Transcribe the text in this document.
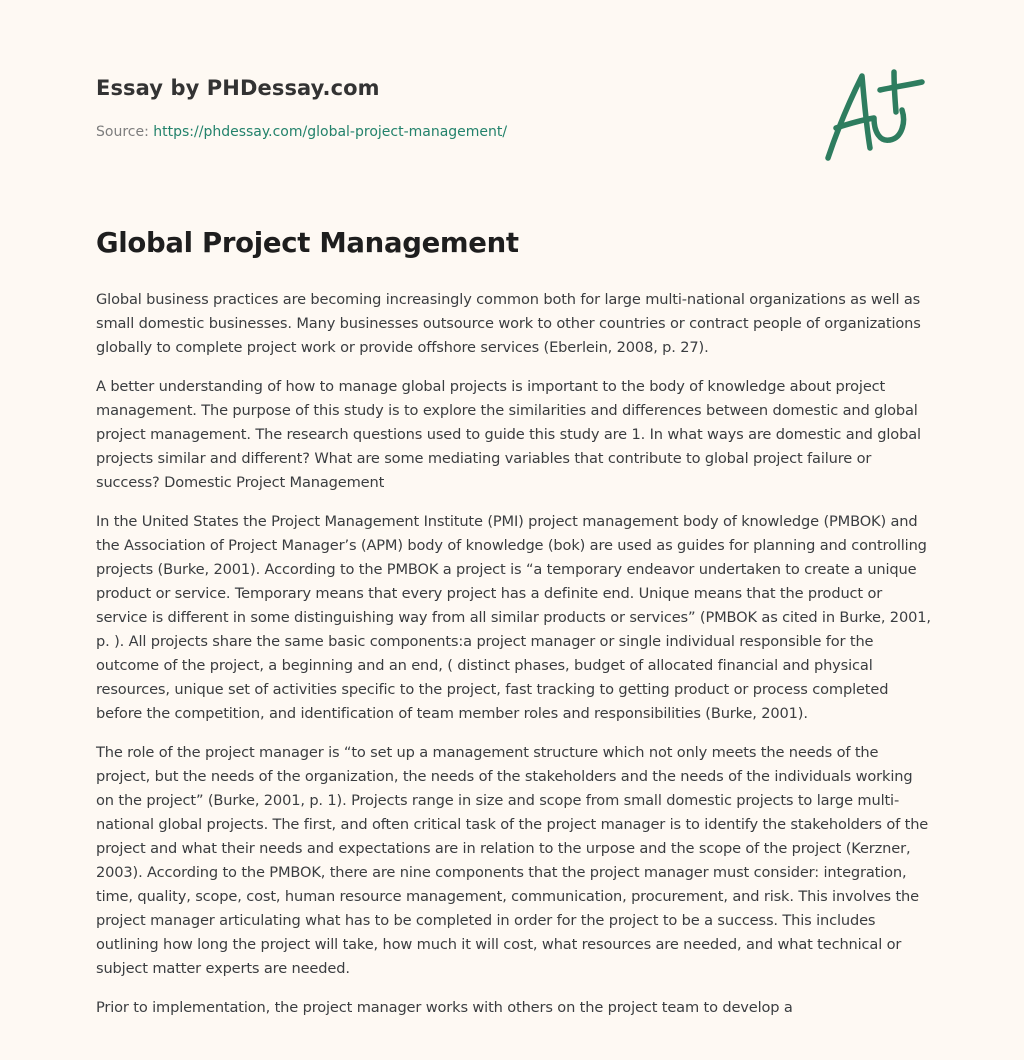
Essay by PHDessay.com
Source: https://phdessay.com/global-project-management/
Global Project Management

Global business practices are becoming increasingly common both for large multi-national organizations as well as small domestic businesses. Many businesses outsource work to other countries or contract people of organizations globally to complete project work or provide offshore services (Eberlein, 2008, p. 27).

A better understanding of how to manage global projects is important to the body of knowledge about project management. The purpose of this study is to explore the similarities and differences between domestic and global project management. The research questions used to guide this study are 1. In what ways are domestic and global projects similar and different? What are some mediating variables that contribute to global project failure or success? Domestic Project Management

In the United States the Project Management Institute (PMI) project management body of knowledge (PMBOK) and the Association of Project Manager’s (APM) body of knowledge (bok) are used as guides for planning and controlling projects (Burke, 2001). According to the PMBOK a project is “a temporary endeavor undertaken to create a unique product or service. Temporary means that every project has a definite end. Unique means that the product or service is different in some distinguishing way from all similar products or services” (PMBOK as cited in Burke, 2001, p. ). All projects share the same basic components:a project manager or single individual responsible for the outcome of the project, a beginning and an end, ( distinct phases, budget of allocated financial and physical resources, unique set of activities specific to the project, fast tracking to getting product or process completed before the competition, and identification of team member roles and responsibilities (Burke, 2001).

The role of the project manager is “to set up a management structure which not only meets the needs of the project, but the needs of the organization, the needs of the stakeholders and the needs of the individuals working on the project” (Burke, 2001, p. 1). Projects range in size and scope from small domestic projects to large multi-national global projects. The first, and often critical task of the project manager is to identify the stakeholders of the project and what their needs and expectations are in relation to the urpose and the scope of the project (Kerzner, 2003). According to the PMBOK, there are nine components that the project manager must consider: integration, time, quality, scope, cost, human resource management, communication, procurement, and risk. This involves the project manager articulating what has to be completed in order for the project to be a success. This includes outlining how long the project will take, how much it will cost, what resources are needed, and what technical or subject matter experts are needed.

Prior to implementation, the project manager works with others on the project team to develop a
